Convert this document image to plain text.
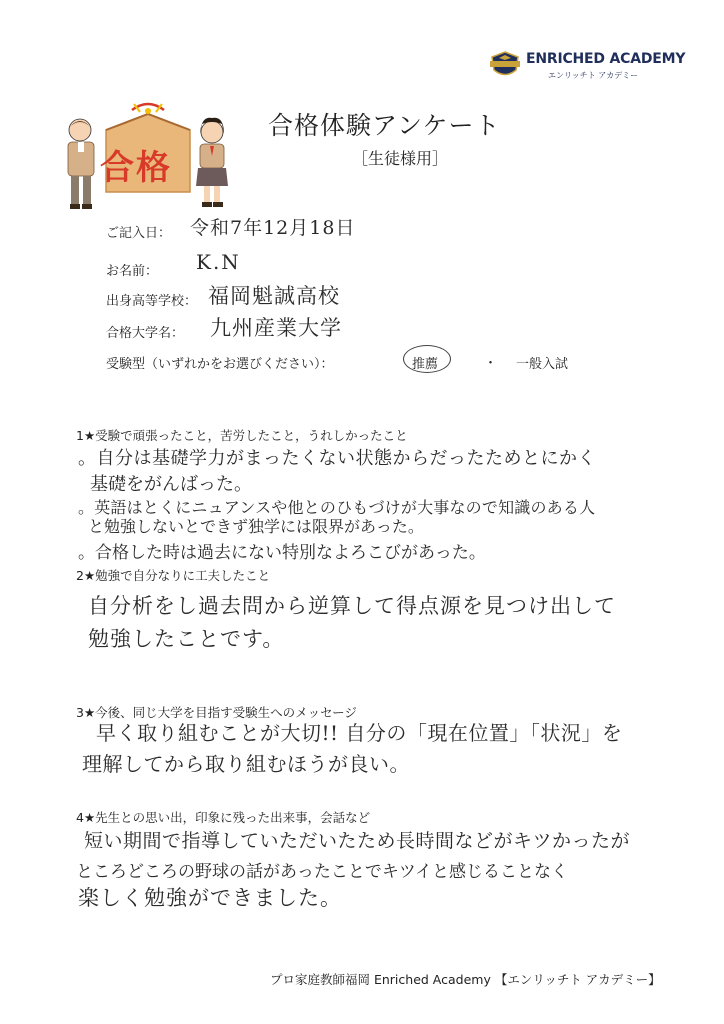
ENRICHED ACADEMY
エンリッチト アカデミー
合格
合格体験アンケート
［生徒様用］
ご記入日： 令和7年12月18日
お名前： K.N
出身高等学校： 福岡魁誠高校
合格大学名： 九州産業大学
受験型（いずれかをお選びください）：	推薦	・ 一般入試
1★受験で頑張ったこと，苦労したこと，うれしかったこと
。自分は基礎学力がまったくない状態からだったためとにかく
基礎をがんばった。
。英語はとくにニュアンスや他とのひもづけが大事なので知識のある人
と勉強しないとできず独学には限界があった。
。合格した時は過去にない特別なよろこびがあった。
2★勉強で自分なりに工夫したこと
自分析をし過去問から逆算して得点源を見つけ出して
勉強したことです。
3★今後、同じ大学を目指す受験生へのメッセージ
早く取り組むことが大切!! 自分の「現在位置」「状況」を
理解してから取り組むほうが良い。
4★先生との思い出，印象に残った出来事，会話など
短い期間で指導していただいたため長時間などがキツかったが
ところどころの野球の話があったことでキツイと感じることなく
楽しく勉強ができました。
プロ家庭教師福岡 Enriched Academy 【エンリッチト アカデミー】
